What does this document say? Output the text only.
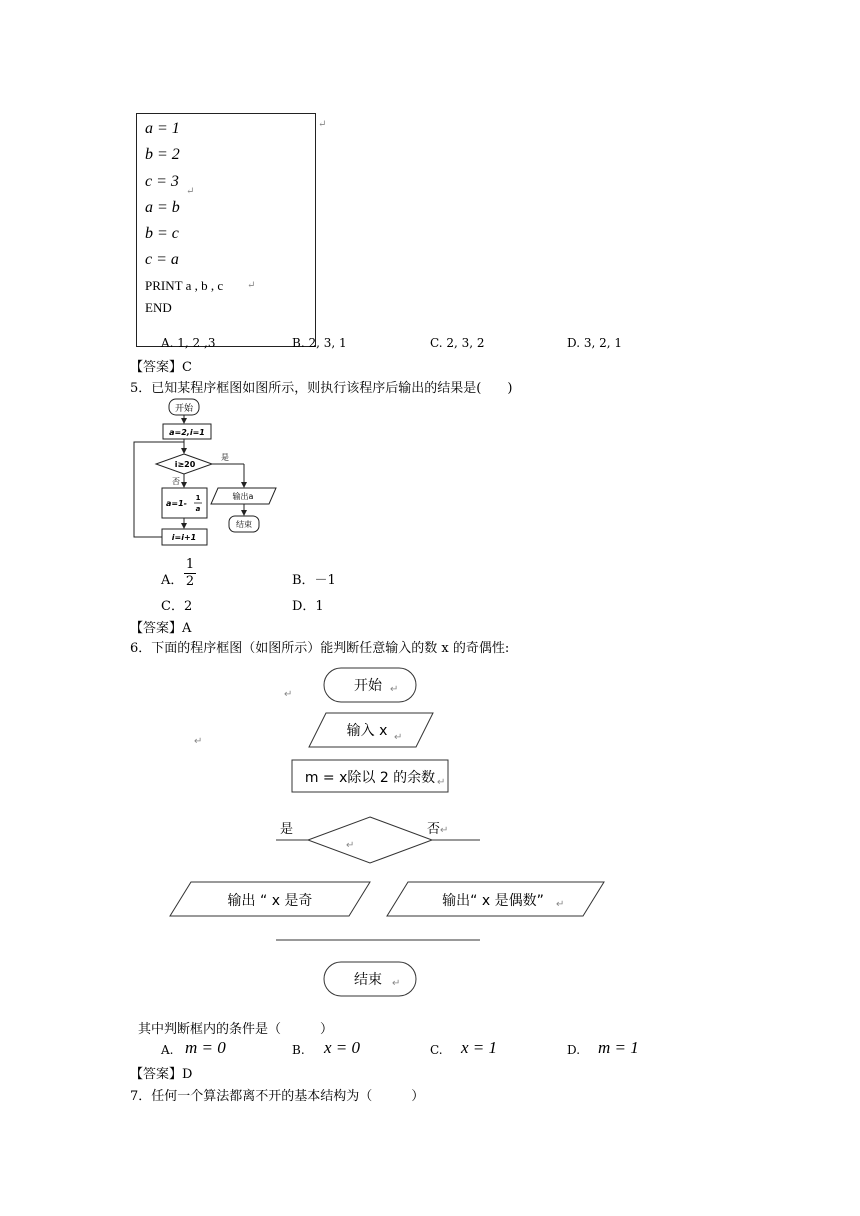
a = 1
b = 2
c = 3
a = b
b = c
c = a
PRINT a , b , c
END
↵
↵
↵
A. 1, 2 ,3	B. 2, 3, 1	C. 2, 3, 2	D. 3, 2, 1
【答案】C
5．已知某程序框图如图所示，则执行该程序后输出的结果是(　　)
开始
a=2,i=1
i≥20
是
否
a=1-
1
a
i=i+1
输出a
结束
A．
1
2	B．－1
C．2	D．1
【答案】A
6．下面的程序框图（如图所示）能判断任意输入的数 x 的奇偶性:
开始
输入 x
m = x除以 2 的余数
是	否
输出 “ x 是奇	输出“ x 是偶数”
结束
↵
↵
↵
↵
↵
↵
↵
↵
↵
其中判断框内的条件是（　　　）
A. m = 0	B. x = 0	C. x = 1	D. m = 1
【答案】D
7．任何一个算法都离不开的基本结构为（　　　）
